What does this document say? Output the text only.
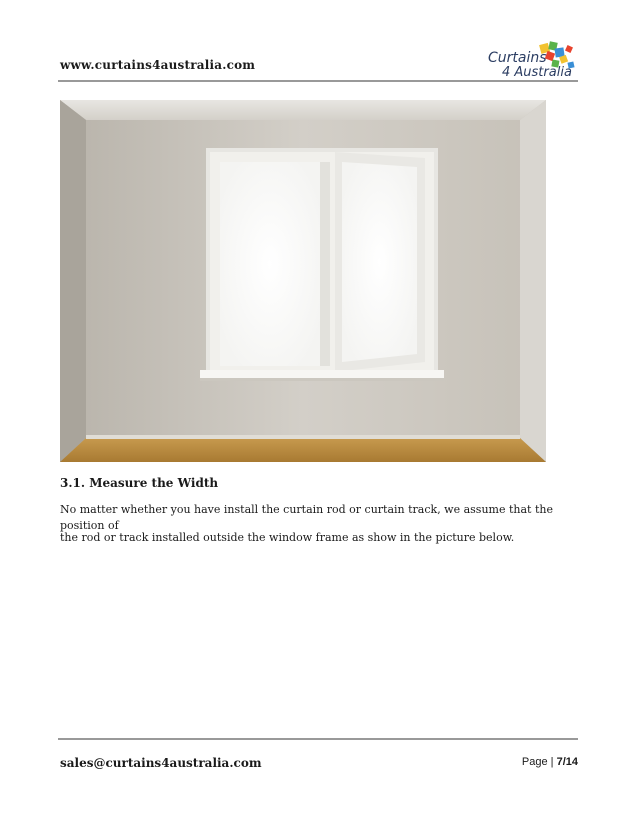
www.curtains4australia.com	Curtains
4 Australia
3.1. Measure the Width
No matter whether you have install the curtain rod or curtain track, we assume that the position of
the rod or track installed outside the window frame as show in the picture below.
sales@curtains4australia.com	Page | 7/14
